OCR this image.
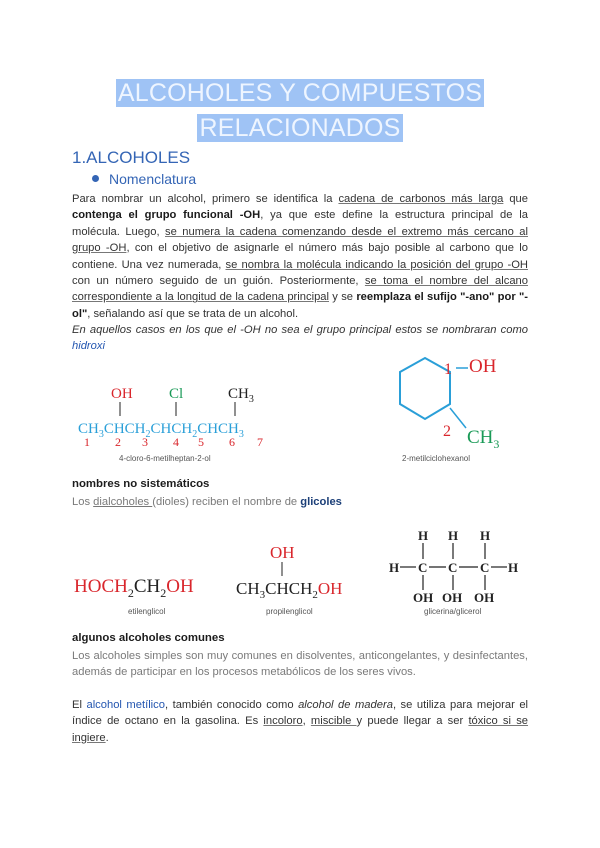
ALCOHOLES Y COMPUESTOS RELACIONADOS
1.ALCOHOLES
Nomenclatura
Para nombrar un alcohol, primero se identifica la cadena de carbonos más larga que contenga el grupo funcional -OH, ya que este define la estructura principal de la molécula. Luego, se numera la cadena comenzando desde el extremo más cercano al grupo -OH, con el objetivo de asignarle el número más bajo posible al carbono que lo contiene. Una vez numerada, se nombra la molécula indicando la posición del grupo -OH con un número seguido de un guión. Posteriormente, se toma el nombre del alcano correspondiente a la longitud de la cadena principal y se reemplaza el sufijo "-ano" por "-ol", señalando así que se trata de un alcohol.
En aquellos casos en los que el -OH no sea el grupo principal estos se nombraran como hidroxi
OH Cl	$CH_3$
$CH_3CHCH_2CHCH_2CHCH_3$
1 2 3 4 5 6 7
4-cloro-6-metilheptan-2-ol
1 OH
2 $CH_3$
2-metilciclohexanol
nombres no sistemáticos
Los dialcoholes (dioles) reciben el nombre de glicoles
$HOCH_2CH_2OH$
etilenglicol
OH
$CH_3CHCH_2OH$
propilenglicol
H H H
H C C C H
OH OH OH
glicerina/glicerol
algunos alcoholes comunes
Los alcoholes simples son muy comunes en disolventes, anticongelantes, y desinfectantes, además de participar en los procesos metabólicos de los seres vivos.
El alcohol metílico, también conocido como alcohol de madera, se utiliza para mejorar el índice de octano en la gasolina. Es incoloro, miscible y puede llegar a ser tóxico si se ingiere.
